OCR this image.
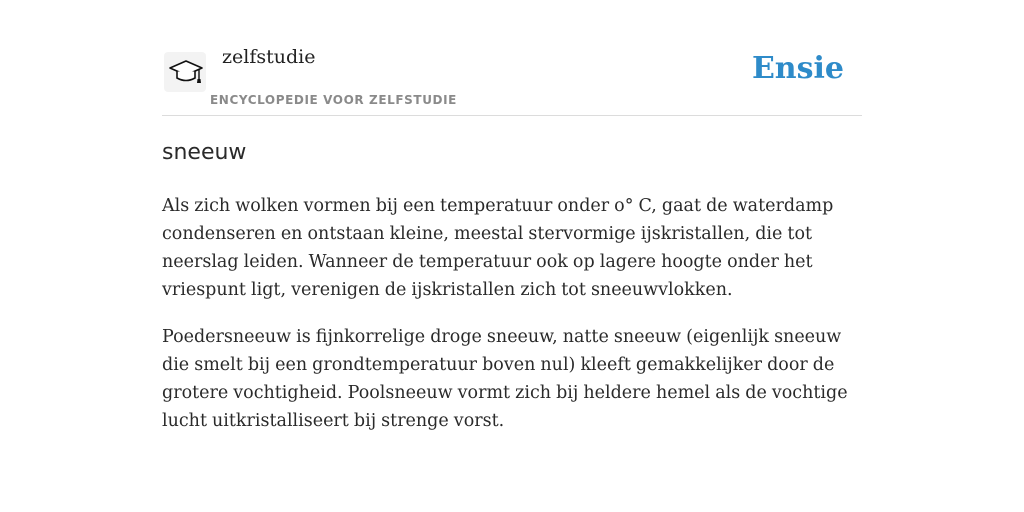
zelfstudie
ENCYCLOPEDIE VOOR ZELFSTUDIE
Ensie
sneeuw

Als zich wolken vormen bij een temperatuur onder o° C, gaat de waterdamp condenseren en ontstaan kleine, meestal stervormige ijskristallen, die tot neerslag leiden. Wanneer de temperatuur ook op lagere hoogte onder het vriespunt ligt, verenigen de ijskristallen zich tot sneeuwvlokken.

Poedersneeuw is fijnkorrelige droge sneeuw, natte sneeuw (eigenlijk sneeuw die smelt bij een grondtemperatuur boven nul) kleeft gemakkelijker door de grotere vochtigheid. Poolsneeuw vormt zich bij heldere hemel als de vochtige lucht uitkristalliseert bij strenge vorst.
